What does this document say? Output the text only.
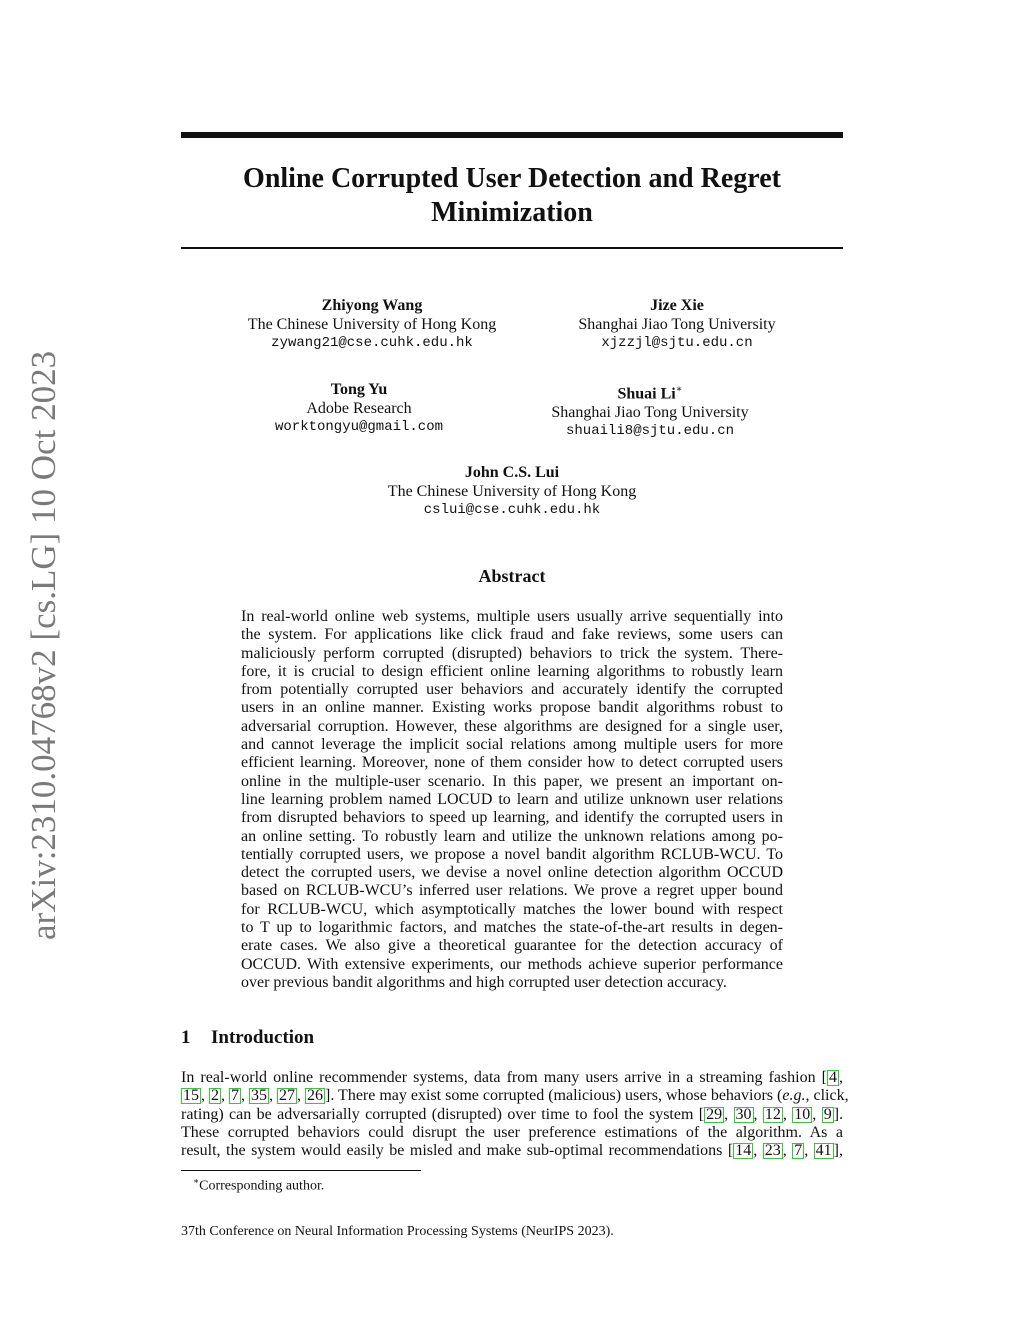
arXiv:2310.04768v2 [cs.LG] 10 Oct 2023
Online Corrupted User Detection and Regret
Minimization
Zhiyong Wang
The Chinese University of Hong Kong
zywang21@cse.cuhk.edu.hk
Jize Xie
Shanghai Jiao Tong University
xjzzjl@sjtu.edu.cn
Tong Yu
Adobe Research
worktongyu@gmail.com
Shuai Li∗
Shanghai Jiao Tong University
shuaili8@sjtu.edu.cn
John C.S. Lui
The Chinese University of Hong Kong
cslui@cse.cuhk.edu.hk
Abstract
In real-world online web systems, multiple users usually arrive sequentially into
the system. For applications like click fraud and fake reviews, some users can
maliciously perform corrupted (disrupted) behaviors to trick the system. There-
fore, it is crucial to design efficient online learning algorithms to robustly learn
from potentially corrupted user behaviors and accurately identify the corrupted
users in an online manner. Existing works propose bandit algorithms robust to
adversarial corruption. However, these algorithms are designed for a single user,
and cannot leverage the implicit social relations among multiple users for more
efficient learning. Moreover, none of them consider how to detect corrupted users
online in the multiple-user scenario. In this paper, we present an important on-
line learning problem named LOCUD to learn and utilize unknown user relations
from disrupted behaviors to speed up learning, and identify the corrupted users in
an online setting. To robustly learn and utilize the unknown relations among po-
tentially corrupted users, we propose a novel bandit algorithm RCLUB-WCU. To
detect the corrupted users, we devise a novel online detection algorithm OCCUD
based on RCLUB-WCU’s inferred user relations. We prove a regret upper bound
for RCLUB-WCU, which asymptotically matches the lower bound with respect
to T up to logarithmic factors, and matches the state-of-the-art results in degen-
erate cases. We also give a theoretical guarantee for the detection accuracy of
OCCUD. With extensive experiments, our methods achieve superior performance
over previous bandit algorithms and high corrupted user detection accuracy.
1 Introduction
In real-world online recommender systems, data from many users arrive in a streaming fashion [ 4 ,
15 , 2 , 7 , 35 , 27 , 26 ]. There may exist some corrupted (malicious) users, whose behaviors (e.g., click,
rating) can be adversarially corrupted (disrupted) over time to fool the system [ 29 , 30 , 12 , 10 , 9 ].
These corrupted behaviors could disrupt the user preference estimations of the algorithm. As a
result, the system would easily be misled and make sub-optimal recommendations [ 14 , 23 , 7 , 41 ],
∗Corresponding author.
37th Conference on Neural Information Processing Systems (NeurIPS 2023).
